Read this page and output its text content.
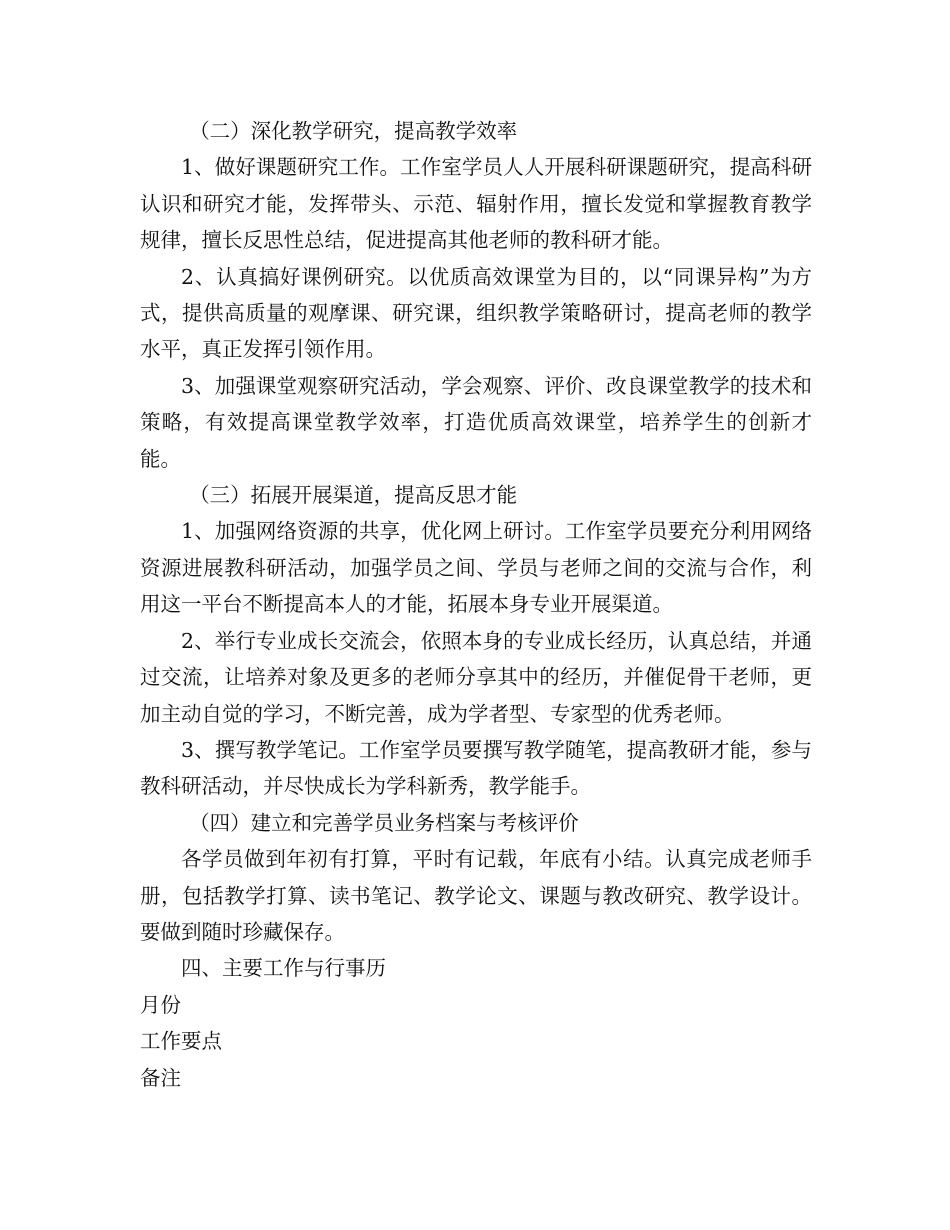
（二）深化教学研究，提高教学效率

1、做好课题研究工作。工作室学员人人开展科研课题研究，提高科研认识和研究才能，发挥带头、示范、辐射作用，擅长发觉和掌握教育教学规律，擅长反思性总结，促进提高其他老师的教科研才能。

2、认真搞好课例研究。以优质高效课堂为目的，以“同课异构”为方式，提供高质量的观摩课、研究课，组织教学策略研讨，提高老师的教学水平，真正发挥引领作用。

3、加强课堂观察研究活动，学会观察、评价、改良课堂教学的技术和策略，有效提高课堂教学效率，打造优质高效课堂，培养学生的创新才能。

（三）拓展开展渠道，提高反思才能

1、加强网络资源的共享，优化网上研讨。工作室学员要充分利用网络资源进展教科研活动，加强学员之间、学员与老师之间的交流与合作，利用这一平台不断提高本人的才能，拓展本身专业开展渠道。

2、举行专业成长交流会，依照本身的专业成长经历，认真总结，并通过交流，让培养对象及更多的老师分享其中的经历，并催促骨干老师，更加主动自觉的学习，不断完善，成为学者型、专家型的优秀老师。

3、撰写教学笔记。工作室学员要撰写教学随笔，提高教研才能，参与教科研活动，并尽快成长为学科新秀，教学能手。

（四）建立和完善学员业务档案与考核评价

各学员做到年初有打算，平时有记载，年底有小结。认真完成老师手册，包括教学打算、读书笔记、教学论文、课题与教改研究、教学设计。要做到随时珍藏保存。

四、主要工作与行事历

月份

工作要点

备注
